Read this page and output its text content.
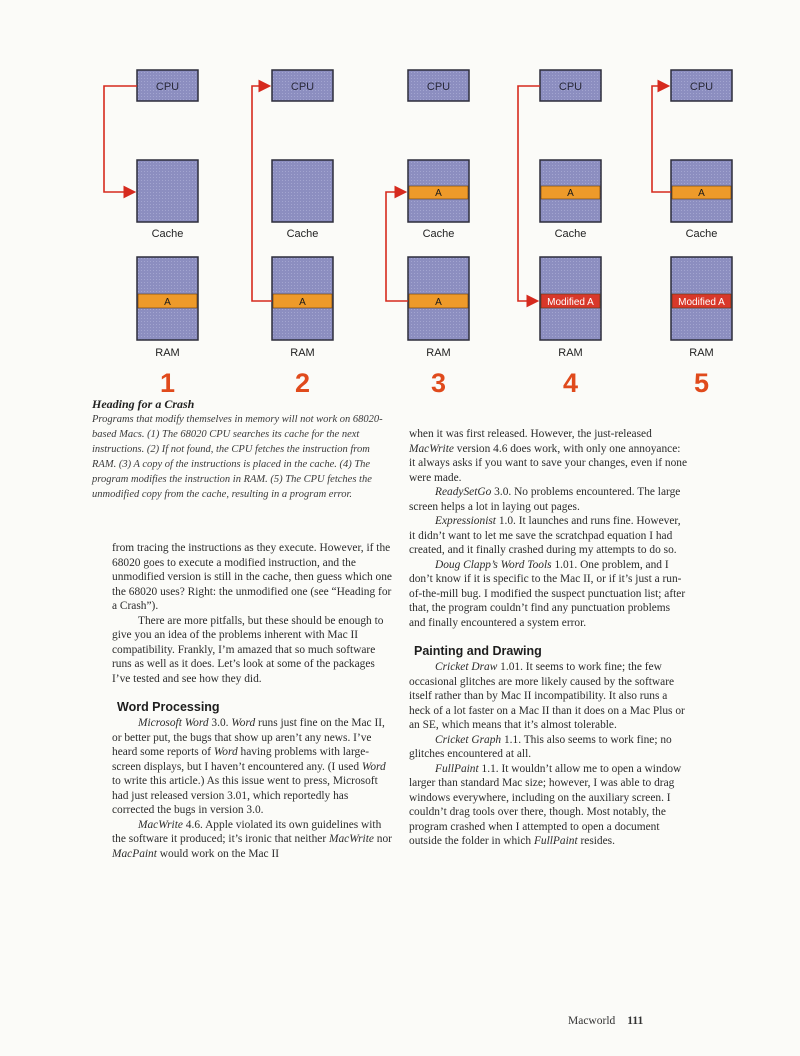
CPU
Cache
RAM
1
A
CPU
Cache
RAM
2
A
CPU
Cache
RAM
3
A
A
CPU
Cache
RAM
4
Modified A
A
CPU
Cache
RAM
5
Modified A
A
Heading for a Crash
Programs that modify themselves in memory will not work on 68020-based Macs. (1) The 68020 CPU searches its cache for the next instructions. (2) If not found, the CPU fetches the instruction from RAM. (3) A copy of the instructions is placed in the cache. (4) The program modifies the instruction in RAM. (5) The CPU fetches the unmodified copy from the cache, resulting in a program error.

from tracing the instructions as they execute. However, if the 68020 goes to execute a modified instruction, and the unmodified version is still in the cache, then guess which one the 68020 uses? Right: the unmodified one (see “Heading for a Crash”).

There are more pitfalls, but these should be enough to give you an idea of the problems inherent with Mac II compatibility. Frankly, I’m amazed that so much software runs as well as it does. Let’s look at some of the packages I’ve tested and see how they did.

Word Processing

Microsoft Word 3.0. Word runs just fine on the Mac II, or better put, the bugs that show up aren’t any news. I’ve heard some reports of Word having problems with large-screen displays, but I haven’t encountered any. (I used Word to write this article.) As this issue went to press, Microsoft had just released version 3.01, which reportedly has corrected the bugs in version 3.0.

MacWrite 4.6. Apple violated its own guidelines with the software it produced; it’s ironic that neither MacWrite nor MacPaint would work on the Mac II

when it was first released. However, the just-released MacWrite version 4.6 does work, with only one annoyance: it always asks if you want to save your changes, even if none were made.

ReadySetGo 3.0. No problems encountered. The large screen helps a lot in laying out pages.

Expressionist 1.0. It launches and runs fine. However, it didn’t want to let me save the scratchpad equation I had created, and it finally crashed during my attempts to do so.

Doug Clapp’s Word Tools 1.01. One problem, and I don’t know if it is specific to the Mac II, or if it’s just a run-of-the-mill bug. I modified the suspect punctuation list; after that, the program couldn’t find any punctuation problems and finally encountered a system error.

Painting and Drawing

Cricket Draw 1.01. It seems to work fine; the few occasional glitches are more likely caused by the software itself rather than by Mac II incompatibility. It also runs a heck of a lot faster on a Mac II than it does on a Mac Plus or an SE, which means that it’s almost tolerable.

Cricket Graph 1.1. This also seems to work fine; no glitches encountered at all.

FullPaint 1.1. It wouldn’t allow me to open a window larger than standard Mac size; however, I was able to drag windows everywhere, including on the auxiliary screen. I couldn’t drag tools over there, though. Most notably, the program crashed when I attempted to open a document outside the folder in which FullPaint resides.

Macworld 111
